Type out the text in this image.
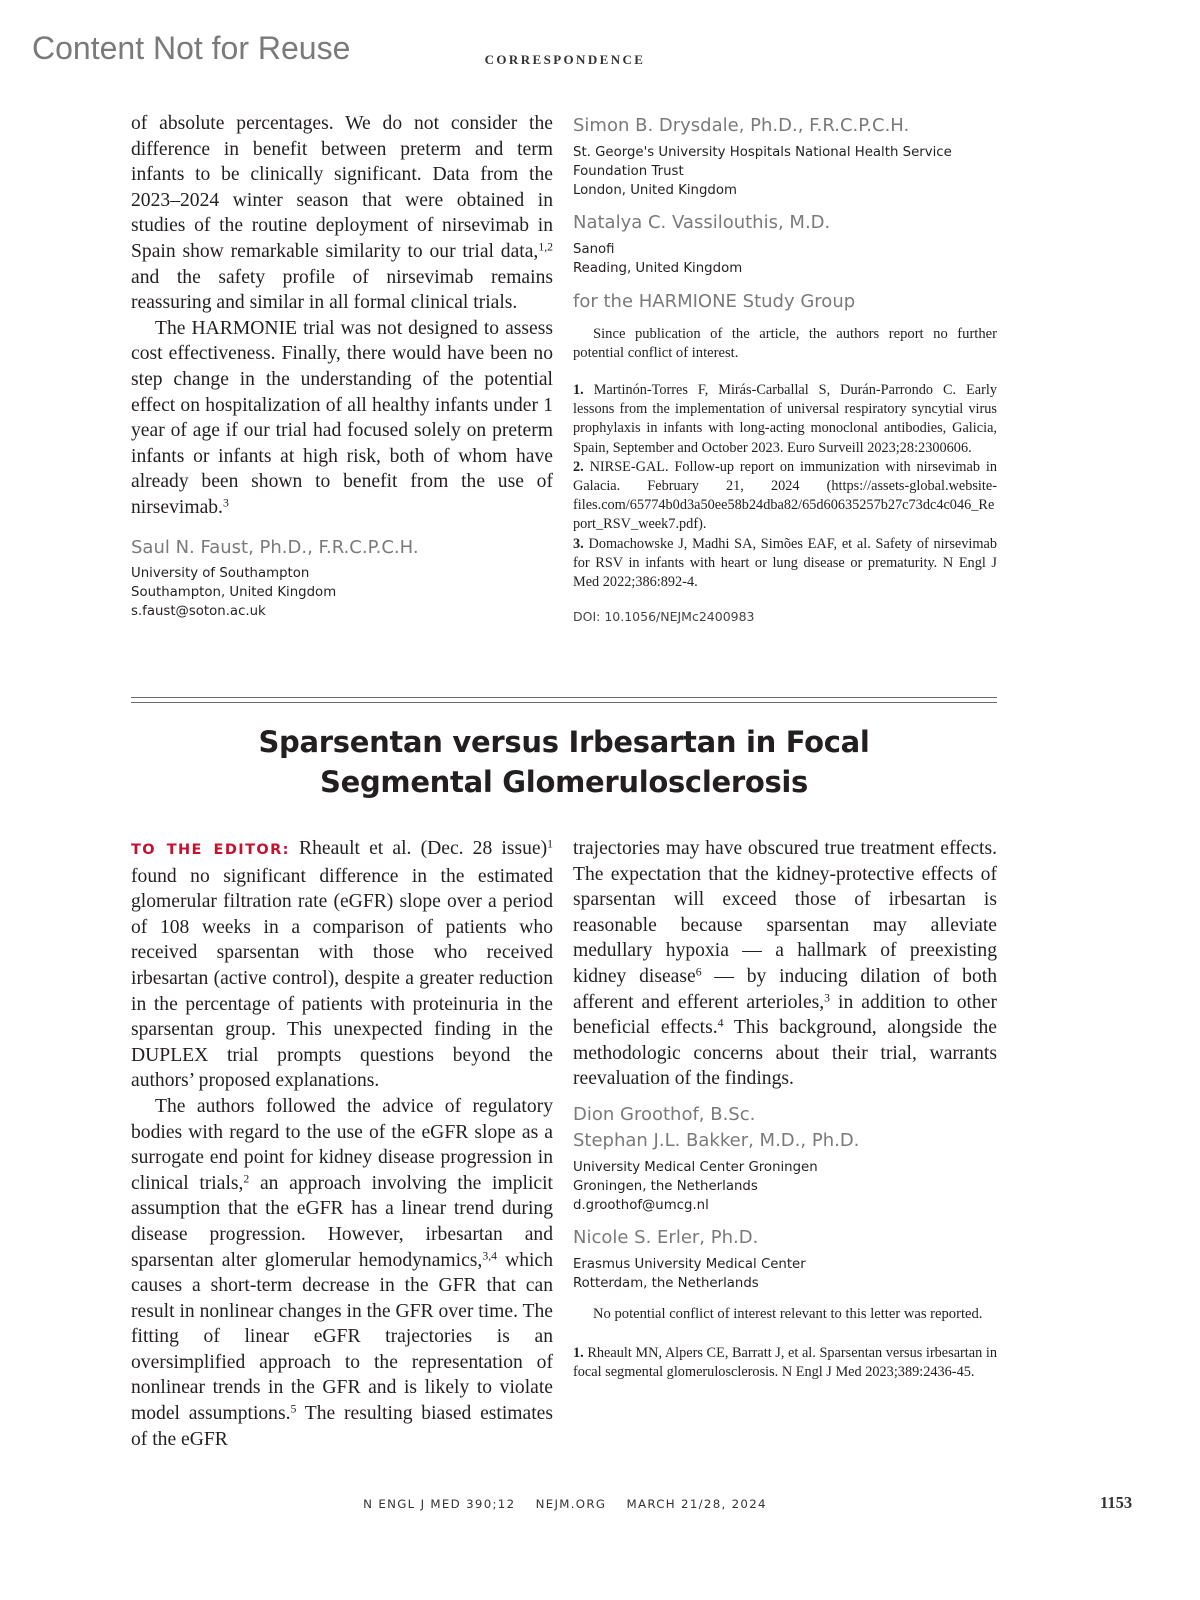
Content Not for Reuse	CORRESPONDENCE

of absolute percentages. We do not consider the difference in benefit between preterm and term infants to be clinically significant. Data from the 2023–2024 winter season that were obtained in studies of the routine deployment of nirsevimab in Spain show remarkable similarity to our trial data,$^{1,2}$ and the safety profile of nirsevimab remains reassuring and similar in all formal clinical trials.

The HARMONIE trial was not designed to assess cost effectiveness. Finally, there would have been no step change in the understanding of the potential effect on hospitalization of all healthy infants under 1 year of age if our trial had focused solely on preterm infants or infants at high risk, both of whom have already been shown to benefit from the use of nirsevimab.$^3$

Saul N. Faust, Ph.D., F.R.C.P.C.H.

University of Southampton

Southampton, United Kingdom

s.faust@soton.ac.uk

Simon B. Drysdale, Ph.D., F.R.C.P.C.H.

St. George's University Hospitals National Health Service

Foundation Trust

London, United Kingdom

Natalya C. Vassilouthis, M.D.

Sanofi

Reading, United Kingdom

for the HARMIONE Study Group

Since publication of the article, the authors report no further potential conflict of interest.

1. Martinón-Torres F, Mirás-Carballal S, Durán-Parrondo C. Early lessons from the implementation of universal respiratory syncytial virus prophylaxis in infants with long-acting monoclonal antibodies, Galicia, Spain, September and October 2023. Euro Surveill 2023;28:2300606.

2. NIRSE-GAL. Follow-up report on immunization with nirsevimab in Galacia. February 21, 2024 (https://assets-global.website-files.com/65774b0d3a50ee58b24dba82/65d60635257b27c73dc4c046_Report_RSV_week7.pdf).

3. Domachowske J, Madhi SA, Simões EAF, et al. Safety of nirsevimab for RSV in infants with heart or lung disease or prematurity. N Engl J Med 2022;386:892-4.

DOI: 10.1056/NEJMc2400983
Sparsentan versus Irbesartan in Focal
Segmental Glomerulosclerosis

TO THE EDITOR: Rheault et al. (Dec. 28 issue)$^1$ found no significant difference in the estimated glomerular filtration rate (eGFR) slope over a period of 108 weeks in a comparison of patients who received sparsentan with those who received irbesartan (active control), despite a greater reduction in the percentage of patients with proteinuria in the sparsentan group. This unexpected finding in the DUPLEX trial prompts questions beyond the authors’ proposed explanations.

The authors followed the advice of regulatory bodies with regard to the use of the eGFR slope as a surrogate end point for kidney disease progression in clinical trials,$^2$ an approach involving the implicit assumption that the eGFR has a linear trend during disease progression. However, irbesartan and sparsentan alter glomerular hemodynamics,$^{3,4}$ which causes a short-term decrease in the GFR that can result in nonlinear changes in the GFR over time. The fitting of linear eGFR trajectories is an oversimplified approach to the representation of nonlinear trends in the GFR and is likely to violate model assumptions.$^5$ The resulting biased estimates of the eGFR

trajectories may have obscured true treatment effects. The expectation that the kidney-protective effects of sparsentan will exceed those of irbesartan is reasonable because sparsentan may alleviate medullary hypoxia — a hallmark of preexisting kidney disease$^6$ — by inducing dilation of both afferent and efferent arterioles,$^3$ in addition to other beneficial effects.$^4$ This background, alongside the methodologic concerns about their trial, warrants reevaluation of the findings.

Dion Groothof, B.Sc.

Stephan J.L. Bakker, M.D., Ph.D.

University Medical Center Groningen

Groningen, the Netherlands

d.groothof@umcg.nl

Nicole S. Erler, Ph.D.

Erasmus University Medical Center

Rotterdam, the Netherlands

No potential conflict of interest relevant to this letter was reported.

1. Rheault MN, Alpers CE, Barratt J, et al. Sparsentan versus irbesartan in focal segmental glomerulosclerosis. N Engl J Med 2023;389:2436-45.

N ENGL J MED 390;12    NEJM.ORG    MARCH 21/28, 2024	1153
